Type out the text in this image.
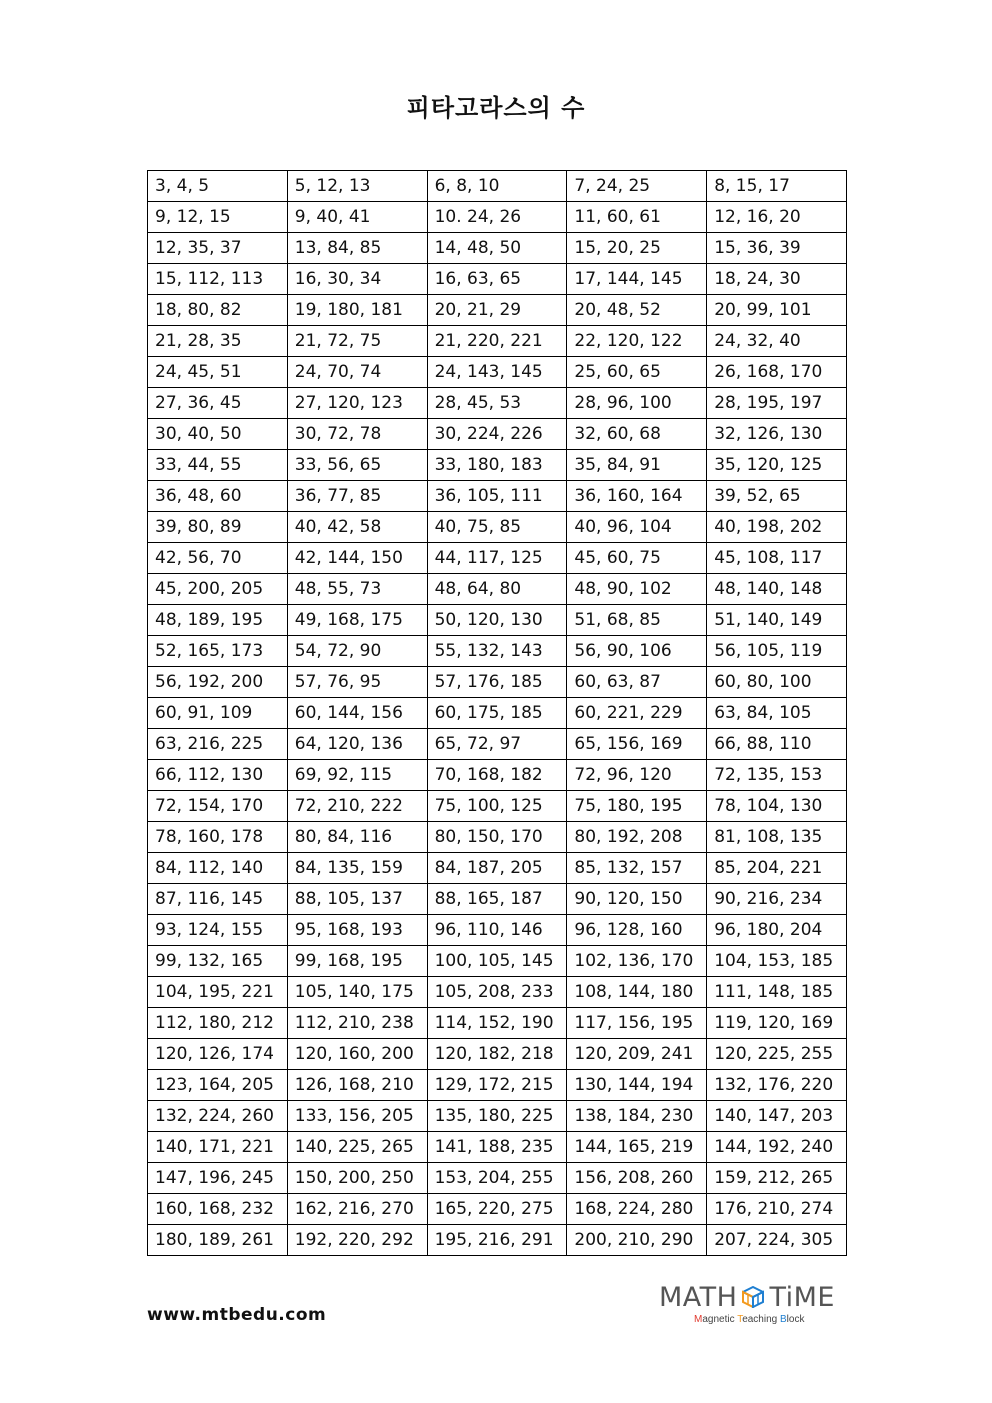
피타고라스의 수
3, 4, 5	5, 12, 13	6, 8, 10	7, 24, 25	8, 15, 17
9, 12, 15	9, 40, 41	10. 24, 26	11, 60, 61	12, 16, 20
12, 35, 37	13, 84, 85	14, 48, 50	15, 20, 25	15, 36, 39
15, 112, 113	16, 30, 34	16, 63, 65	17, 144, 145	18, 24, 30
18, 80, 82	19, 180, 181	20, 21, 29	20, 48, 52	20, 99, 101
21, 28, 35	21, 72, 75	21, 220, 221	22, 120, 122	24, 32, 40
24, 45, 51	24, 70, 74	24, 143, 145	25, 60, 65	26, 168, 170
27, 36, 45	27, 120, 123	28, 45, 53	28, 96, 100	28, 195, 197
30, 40, 50	30, 72, 78	30, 224, 226	32, 60, 68	32, 126, 130
33, 44, 55	33, 56, 65	33, 180, 183	35, 84, 91	35, 120, 125
36, 48, 60	36, 77, 85	36, 105, 111	36, 160, 164	39, 52, 65
39, 80, 89	40, 42, 58	40, 75, 85	40, 96, 104	40, 198, 202
42, 56, 70	42, 144, 150	44, 117, 125	45, 60, 75	45, 108, 117
45, 200, 205	48, 55, 73	48, 64, 80	48, 90, 102	48, 140, 148
48, 189, 195	49, 168, 175	50, 120, 130	51, 68, 85	51, 140, 149
52, 165, 173	54, 72, 90	55, 132, 143	56, 90, 106	56, 105, 119
56, 192, 200	57, 76, 95	57, 176, 185	60, 63, 87	60, 80, 100
60, 91, 109	60, 144, 156	60, 175, 185	60, 221, 229	63, 84, 105
63, 216, 225	64, 120, 136	65, 72, 97	65, 156, 169	66, 88, 110
66, 112, 130	69, 92, 115	70, 168, 182	72, 96, 120	72, 135, 153
72, 154, 170	72, 210, 222	75, 100, 125	75, 180, 195	78, 104, 130
78, 160, 178	80, 84, 116	80, 150, 170	80, 192, 208	81, 108, 135
84, 112, 140	84, 135, 159	84, 187, 205	85, 132, 157	85, 204, 221
87, 116, 145	88, 105, 137	88, 165, 187	90, 120, 150	90, 216, 234
93, 124, 155	95, 168, 193	96, 110, 146	96, 128, 160	96, 180, 204
99, 132, 165	99, 168, 195	100, 105, 145	102, 136, 170	104, 153, 185
104, 195, 221	105, 140, 175	105, 208, 233	108, 144, 180	111, 148, 185
112, 180, 212	112, 210, 238	114, 152, 190	117, 156, 195	119, 120, 169
120, 126, 174	120, 160, 200	120, 182, 218	120, 209, 241	120, 225, 255
123, 164, 205	126, 168, 210	129, 172, 215	130, 144, 194	132, 176, 220
132, 224, 260	133, 156, 205	135, 180, 225	138, 184, 230	140, 147, 203
140, 171, 221	140, 225, 265	141, 188, 235	144, 165, 219	144, 192, 240
147, 196, 245	150, 200, 250	153, 204, 255	156, 208, 260	159, 212, 265
160, 168, 232	162, 216, 270	165, 220, 275	168, 224, 280	176, 210, 274
180, 189, 261	192, 220, 292	195, 216, 291	200, 210, 290	207, 224, 305
www.mtbedu.com
MATH TiME
Magnetic Teaching Block
